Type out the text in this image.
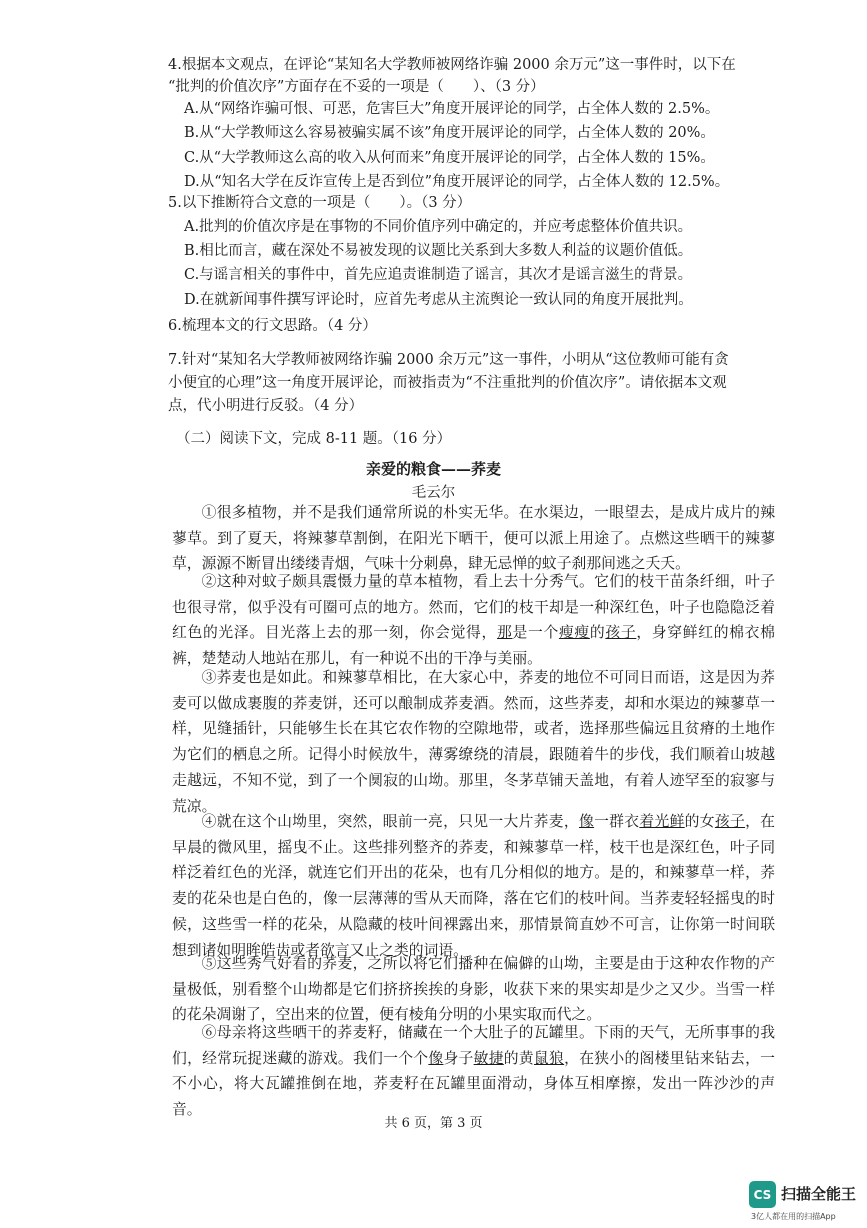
4.根据本文观点，在评论“某知名大学教师被网络诈骗 2000 余万元”这一事件时，以下在
“批判的价值次序”方面存在不妥的一项是（　　）、（3 分）
A.从“网络诈骗可恨、可恶，危害巨大”角度开展评论的同学，占全体人数的 2.5%。
B.从“大学教师这么容易被骗实属不该”角度开展评论的同学，占全体人数的 20%。
C.从“大学教师这么高的收入从何而来”角度开展评论的同学，占全体人数的 15%。
D.从“知名大学在反诈宣传上是否到位”角度开展评论的同学，占全体人数的 12.5%。
5.以下推断符合文意的一项是（　　）。（3 分）
A.批判的价值次序是在事物的不同价值序列中确定的，并应考虑整体价值共识。
B.相比而言，藏在深处不易被发现的议题比关系到大多数人利益的议题价值低。
C.与谣言相关的事件中，首先应追责谁制造了谣言，其次才是谣言滋生的背景。
D.在就新闻事件撰写评论时，应首先考虑从主流舆论一致认同的角度开展批判。
6.梳理本文的行文思路。（4 分）
7.针对“某知名大学教师被网络诈骗 2000 余万元”这一事件，小明从“这位教师可能有贪
小便宜的心理”这一角度开展评论，而被指责为“不注重批判的价值次序”。请依据本文观
点，代小明进行反驳。（4 分）
（二）阅读下文，完成 8-11 题。（16 分）
亲爱的粮食——荞麦
毛云尔

①很多植物，并不是我们通常所说的朴实无华。在水渠边，一眼望去，是成片成片的辣蓼草。到了夏天，将辣蓼草割倒，在阳光下晒干，便可以派上用途了。点燃这些晒干的辣蓼草，源源不断冒出缕缕青烟，气味十分刺鼻，肆无忌惮的蚊子刹那间逃之夭夭。

②这种对蚊子颇具震慑力量的草本植物，看上去十分秀气。它们的枝干苗条纤细，叶子也很寻常，似乎没有可圈可点的地方。然而，它们的枝干却是一种深红色，叶子也隐隐泛着红色的光泽。目光落上去的那一刻，你会觉得，那是一个瘦瘦的孩子，身穿鲜红的棉衣棉裤，楚楚动人地站在那儿，有一种说不出的干净与美丽。

③荞麦也是如此。和辣蓼草相比，在大家心中，荞麦的地位不可同日而语，这是因为荞麦可以做成裹腹的荞麦饼，还可以酿制成荞麦酒。然而，这些荞麦，却和水渠边的辣蓼草一样，见缝插针，只能够生长在其它农作物的空隙地带，或者，选择那些偏远且贫瘠的土地作为它们的栖息之所。记得小时候放牛，薄雾缭绕的清晨，跟随着牛的步伐，我们顺着山坡越走越远，不知不觉，到了一个阒寂的山坳。那里，冬茅草铺天盖地，有着人迹罕至的寂寥与荒凉。

④就在这个山坳里，突然，眼前一亮，只见一大片荞麦，像一群衣着光鲜的女孩子，在早晨的微风里，摇曳不止。这些排列整齐的荞麦，和辣蓼草一样，枝干也是深红色，叶子同样泛着红色的光泽，就连它们开出的花朵，也有几分相似的地方。是的，和辣蓼草一样，荞麦的花朵也是白色的，像一层薄薄的雪从天而降，落在它们的枝叶间。当荞麦轻轻摇曳的时候，这些雪一样的花朵，从隐藏的枝叶间裸露出来，那情景简直妙不可言，让你第一时间联想到诸如明眸皓齿或者欲言又止之类的词语。

⑤这些秀气好看的荞麦，之所以将它们播种在偏僻的山坳，主要是由于这种农作物的产量极低，别看整个山坳都是它们挤挤挨挨的身影，收获下来的果实却是少之又少。当雪一样的花朵凋谢了，空出来的位置，便有棱角分明的小果实取而代之。

⑥母亲将这些晒干的荞麦籽，储藏在一个大肚子的瓦罐里。下雨的天气，无所事事的我们，经常玩捉迷藏的游戏。我们一个个像身子敏捷的黄鼠狼，在狭小的阁楼里钻来钻去，一不小心，将大瓦罐推倒在地，荞麦籽在瓦罐里面滑动，身体互相摩擦，发出一阵沙沙的声音。

共 6 页，第 3 页
CS 扫描全能王
3亿人都在用的扫描App
